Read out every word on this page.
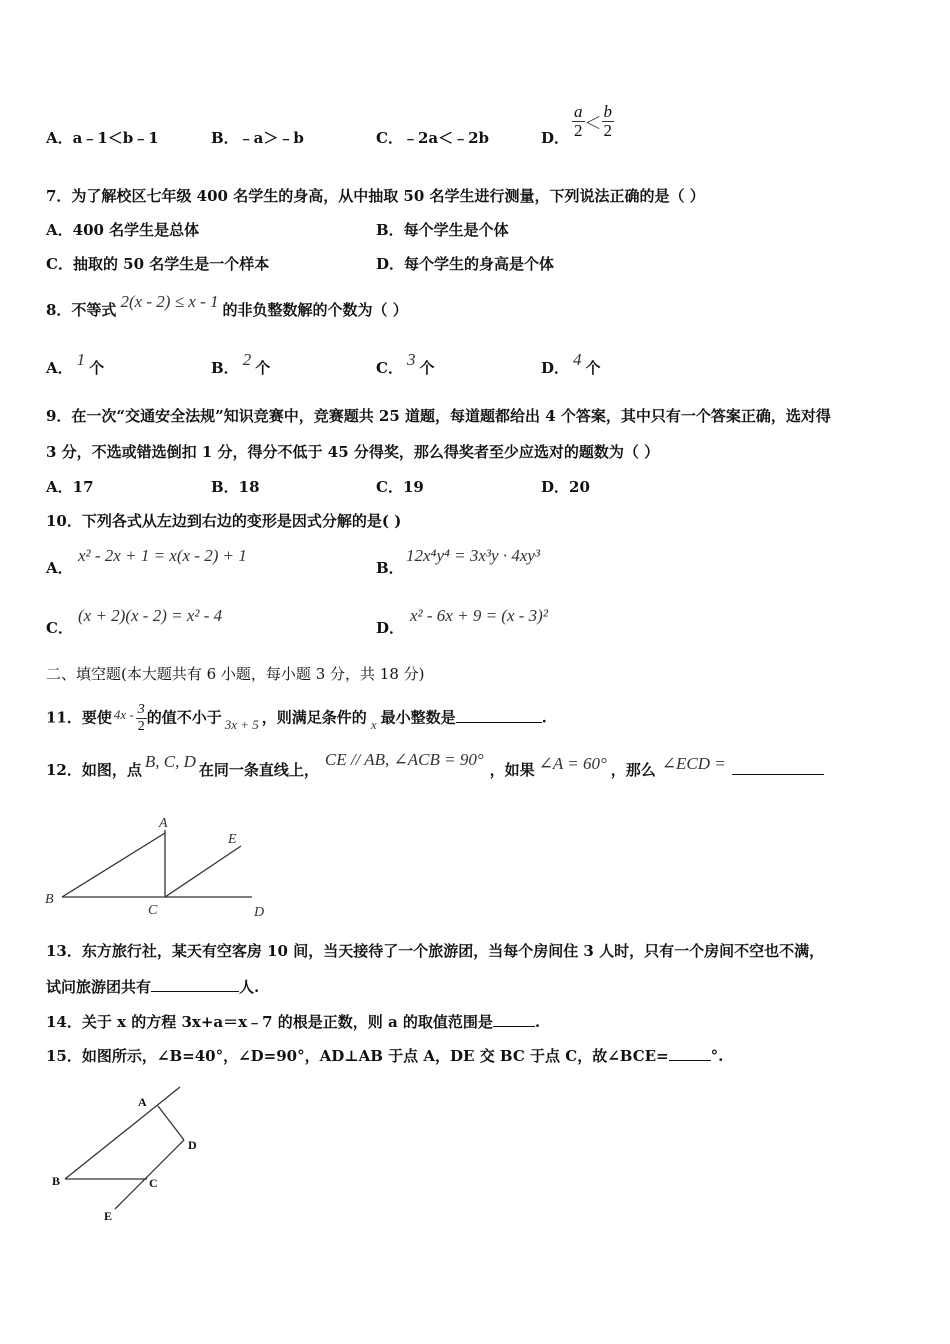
A．a﹣1＜b﹣1	B．﹣a＞﹣b	C．﹣2a＜﹣2b	D． $\frac{a}{2} < \frac{b}{2}$
7．为了解校区七年级 400 名学生的身高，从中抽取 50 名学生进行测量，下列说法正确的是（ ）
A．400 名学生是总体	B．每个学生是个体
C．抽取的 50 名学生是一个样本	D．每个学生的身高是个体
8．不等式 2(x - 2) ≤ x - 1 的非负整数解的个数为（ ）
A． 1 个	B． 2 个	C． 3 个	D． 4 个
9．在一次“交通安全法规”知识竞赛中，竞赛题共 25 道题，每道题都给出 4 个答案，其中只有一个答案正确，选对得
3 分，不选或错选倒扣 1 分，得分不低于 45 分得奖，那么得奖者至少应选对的题数为（ ）
A．17	B．18	C．19	D．20
10．下列各式从左边到右边的变形是因式分解的是( )
A．
x² - 2x + 1 = x(x - 2) + 1
B．
12x⁴y⁴ = 3x³y · 4xy³
C．
(x + 2)(x - 2) = x² - 4
D．
x² - 6x + 9 = (x - 3)²
二、填空题(本大题共有 6 小题，每小题 3 分，共 18 分)
11．要使 $4x - \frac{3}{2}$ 的值不小于 3x + 5 ，则满足条件的 x 最小整数是	.
12．如图，点 B, C, D 在同一条直线上，CE // AB, ∠ACB = 90°，如果 ∠A = 60° ，那么 ∠ECD =
A
E
B
C	D
13．东方旅行社，某天有空客房 10 间，当天接待了一个旅游团，当每个房间住 3 人时，只有一个房间不空也不满，
试问旅游团共有	人.
14．关于 x 的方程 3x+a＝x﹣7 的根是正数，则 a 的取值范围是	.
15．如图所示，∠B=40°，∠D=90°，AD⊥AB 于点 A，DE 交 BC 于点 C，故∠BCE=	°.
A
D
B	C
E
